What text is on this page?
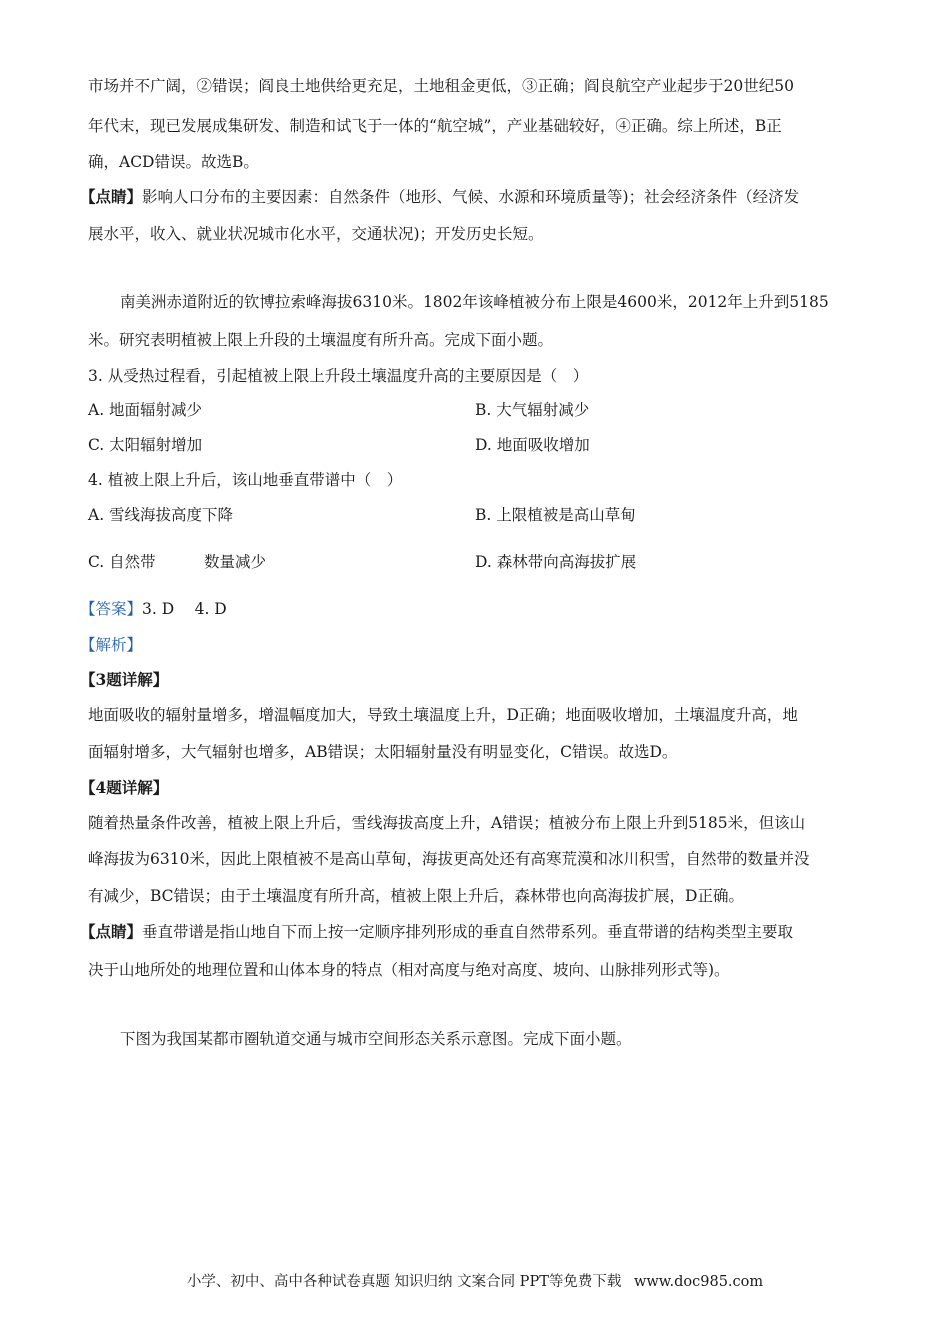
市场并不广阔，②错误；阎良土地供给更充足，土地租金更低，③正确；阎良航空产业起步于20世纪50
年代末，现已发展成集研发、制造和试飞于一体的“航空城”，产业基础较好，④正确。综上所述，B正
确，ACD错误。故选B。
【点睛】影响人口分布的主要因素：自然条件（地形、气候、水源和环境质量等)；社会经济条件（经济发
展水平，收入、就业状况城市化水平，交通状况)；开发历史长短。
南美洲赤道附近的钦博拉索峰海拔6310米。1802年该峰植被分布上限是4600米，2012年上升到5185
米。研究表明植被上限上升段的土壤温度有所升高。完成下面小题。
3. 从受热过程看，引起植被上限上升段土壤温度升高的主要原因是（　）
A. 地面辐射减少	B. 大气辐射减少
C. 太阳辐射增加	D. 地面吸收增加
4. 植被上限上升后，该山地垂直带谱中（　）
A. 雪线海拔高度下降	B. 上限植被是高山草甸
C. 自然带	数量减少	D. 森林带向高海拔扩展
【答案】3. D　 4. D
【解析】
【3题详解】
地面吸收的辐射量增多，增温幅度加大，导致土壤温度上升，D正确；地面吸收增加，土壤温度升高，地
面辐射增多，大气辐射也增多，AB错误；太阳辐射量没有明显变化，C错误。故选D。
【4题详解】
随着热量条件改善，植被上限上升后，雪线海拔高度上升，A错误；植被分布上限上升到5185米，但该山
峰海拔为6310米，因此上限植被不是高山草甸，海拔更高处还有高寒荒漠和冰川积雪，自然带的数量并没
有减少，BC错误；由于土壤温度有所升高，植被上限上升后，森林带也向高海拔扩展，D正确。
【点睛】垂直带谱是指山地自下而上按一定顺序排列形成的垂直自然带系列。垂直带谱的结构类型主要取
决于山地所处的地理位置和山体本身的特点（相对高度与绝对高度、坡向、山脉排列形式等)。
下图为我国某都市圈轨道交通与城市空间形态关系示意图。完成下面小题。
小学、初中、高中各种试卷真题 知识归纳 文案合同 PPT等免费下载 www.doc985.com
